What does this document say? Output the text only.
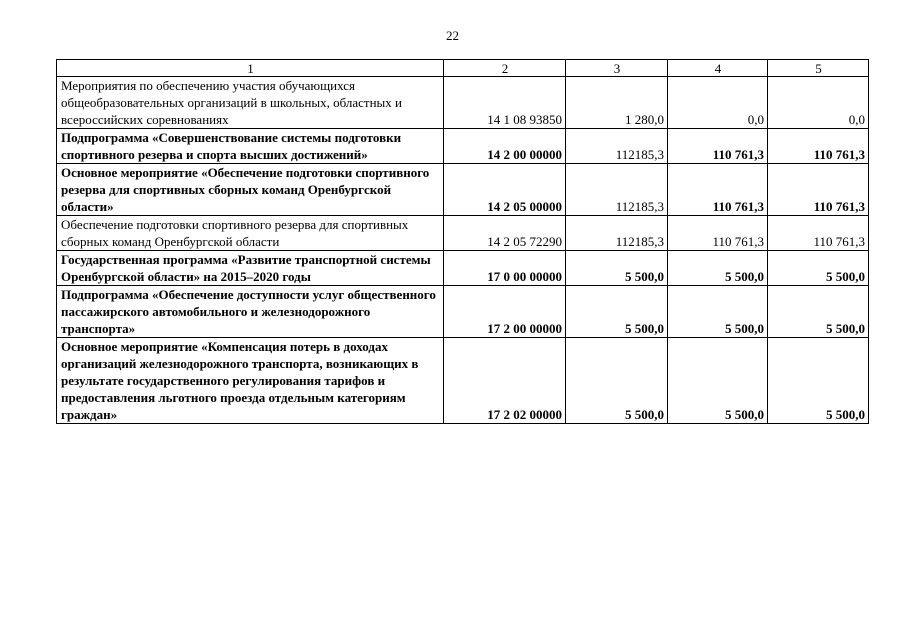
22
1	2	3	4	5
Мероприятия по обеспечению участия обучающихся общеобразовательных организаций в школьных, областных и всероссийских соревнованиях	14 1 08 93850	1 280,0	0,0	0,0
Подпрограмма «Совершенствование системы подготовки спортивного резерва и спорта высших достижений»	14 2 00 00000	112185,3	110 761,3	110 761,3
Основное мероприятие «Обеспечение подготовки спортивного резерва для спортивных сборных команд Оренбургской области»	14 2 05 00000	112185,3	110 761,3	110 761,3
Обеспечение подготовки спортивного резерва для спортивных сборных команд Оренбургской области	14 2 05 72290	112185,3	110 761,3	110 761,3
Государственная программа «Развитие транспортной системы Оренбургской области» на 2015–2020 годы	17 0 00 00000	5 500,0	5 500,0	5 500,0
Подпрограмма «Обеспечение доступности услуг общественного пассажирского автомобильного и железнодорожного транспорта»	17 2 00 00000	5 500,0	5 500,0	5 500,0
Основное мероприятие «Компенсация потерь в доходах организаций железнодорожного транспорта, возникающих в результате государственного регулирования тарифов и предоставления льготного проезда отдельным категориям граждан»	17 2 02 00000	5 500,0	5 500,0	5 500,0
